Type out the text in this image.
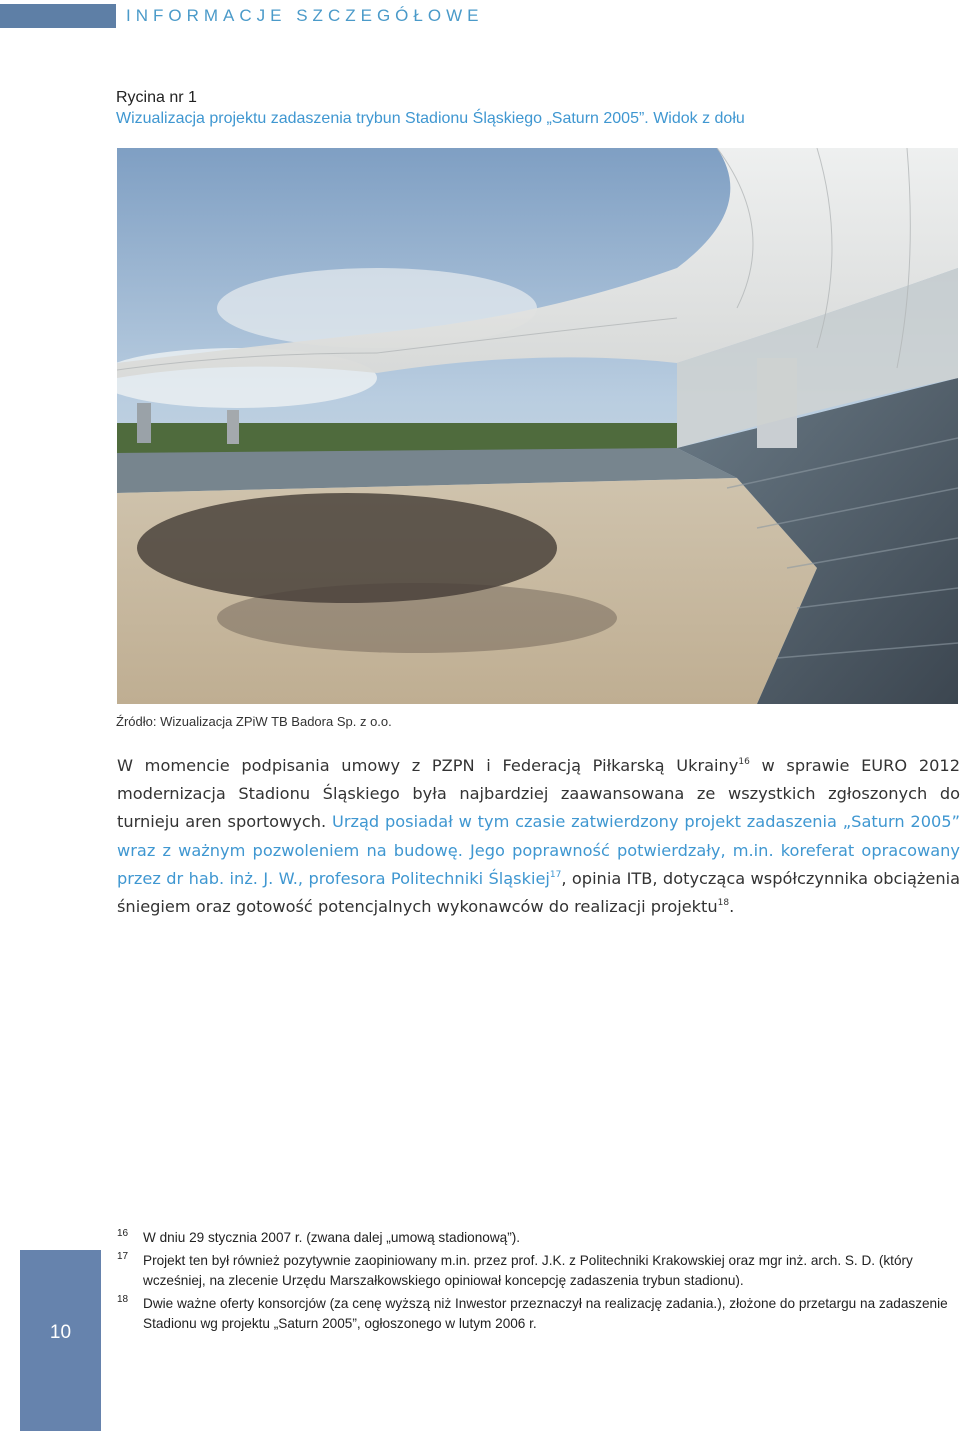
INFORMACJE SZCZEGÓŁOWE
Rycina nr 1
Wizualizacja projektu zadaszenia trybun Stadionu Śląskiego „Saturn 2005”. Widok z dołu
Źródło: Wizualizacja ZPiW TB Badora Sp. z o.o.

W momencie podpisania umowy z PZPN i Federacją Piłkarską Ukrainy$^{16}$ w sprawie EURO 2012 modernizacja Stadionu Śląskiego była najbardziej zaawansowana ze wszystkich zgłoszonych do turnieju aren sportowych. Urząd posiadał w tym czasie zatwierdzony projekt zadaszenia „Saturn 2005” wraz z ważnym pozwoleniem na budowę. Jego poprawność potwierdzały, m.in. koreferat opracowany przez dr hab. inż. J. W., profesora Politechniki Śląskiej$^{17}$, opinia ITB, dotycząca współczynnika obciążenia śniegiem oraz gotowość potencjalnych wykonawców do realizacji projektu$^{18}$.

16 W dniu 29 stycznia 2007 r. (zwana dalej „umową stadionową”).
17 Projekt ten był również pozytywnie zaopiniowany m.in. przez prof. J.K. z Politechniki Krakowskiej oraz mgr inż. arch. S. D. (który wcześniej, na zlecenie Urzędu Marszałkowskiego opiniował koncepcję zadaszenia trybun stadionu).
18 Dwie ważne oferty konsorcjów (za cenę wyższą niż Inwestor przeznaczył na realizację zadania.), złożone do przetargu na zadaszenie Stadionu wg projektu „Saturn 2005”, ogłoszonego w lutym 2006 r.
10
